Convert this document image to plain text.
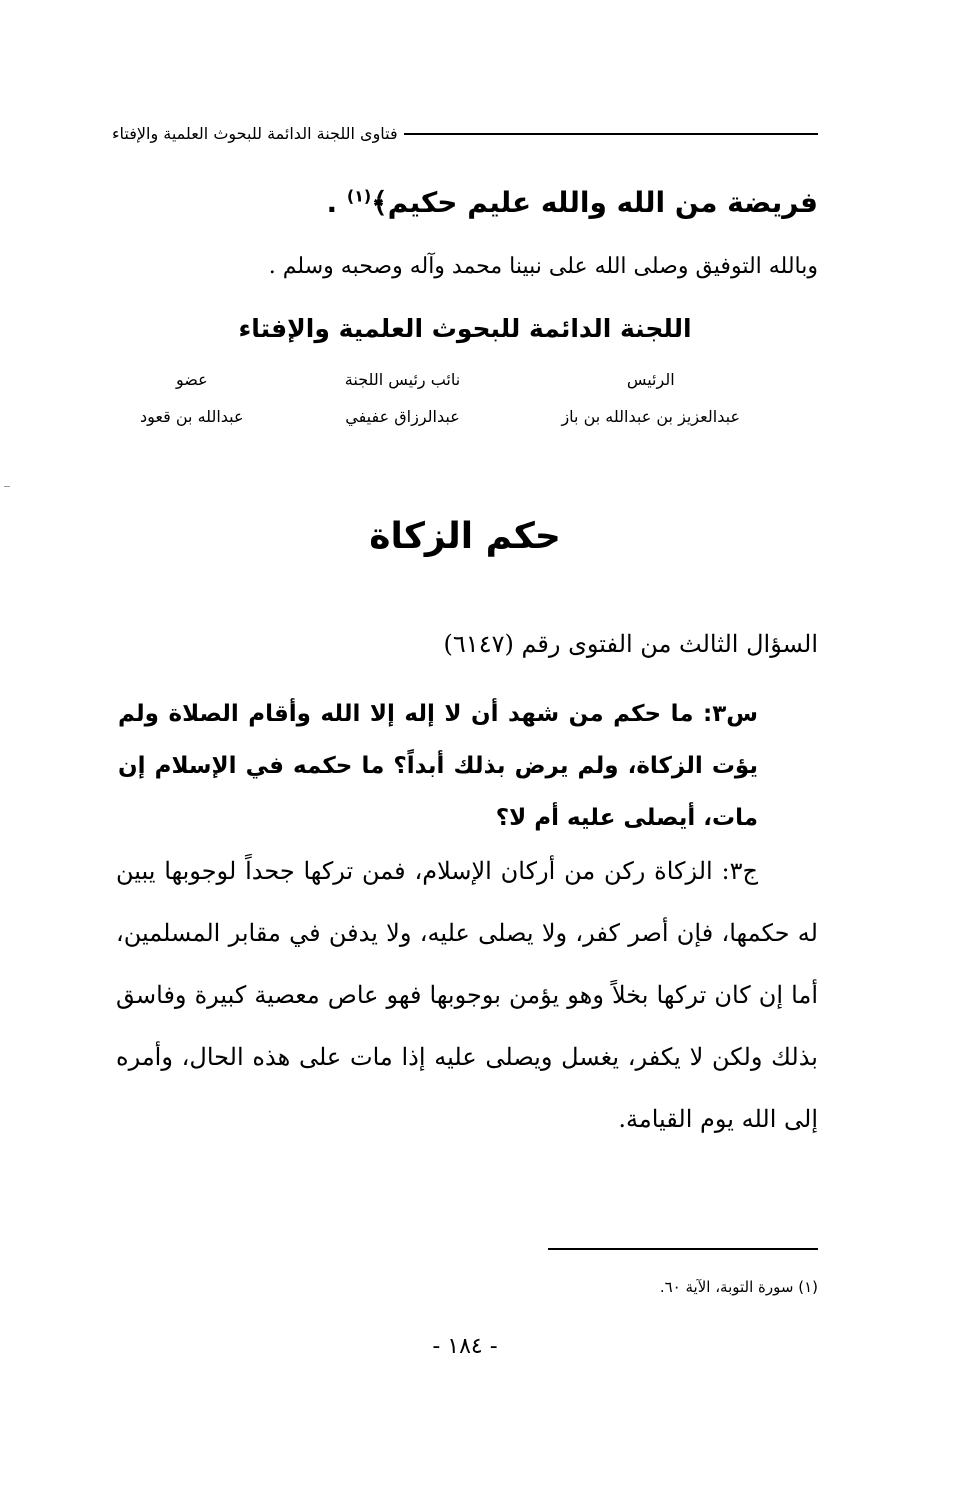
فتاوى اللجنة الدائمة للبحوث العلمية والإفتاء
فريضة من الله والله عليم حكيم﴾$^{(١)}$ .
وبالله التوفيق وصلى الله على نبينا محمد وآله وصحبه وسلم .
اللجنة الدائمة للبحوث العلمية والإفتاء
عضو
عبدالله بن قعود
نائب رئيس اللجنة
عبدالرزاق عفيفي
الرئيس
عبدالعزيز بن عبدالله بن باز
حكم الزكاة
السؤال الثالث من الفتوى رقم (٦١٤٧)
س٣: ما حكم من شهد أن لا إله إلا الله وأقام الصلاة ولم يؤت الزكاة، ولم يرض بذلك أبداً؟ ما حكمه في الإسلام إن مات، أيصلى عليه أم لا؟
ج٣: الزكاة ركن من أركان الإسلام، فمن تركها جحداً لوجوبها يبين له حكمها، فإن أصر كفر، ولا يصلى عليه، ولا يدفن في مقابر المسلمين، أما إن كان تركها بخلاً وهو يؤمن بوجوبها فهو عاص معصية كبيرة وفاسق بذلك ولكن لا يكفر، يغسل ويصلى عليه إذا مات على هذه الحال، وأمره إلى الله يوم القيامة.
(١) سورة التوبة، الآية ٦٠.
- ١٨٤ -
